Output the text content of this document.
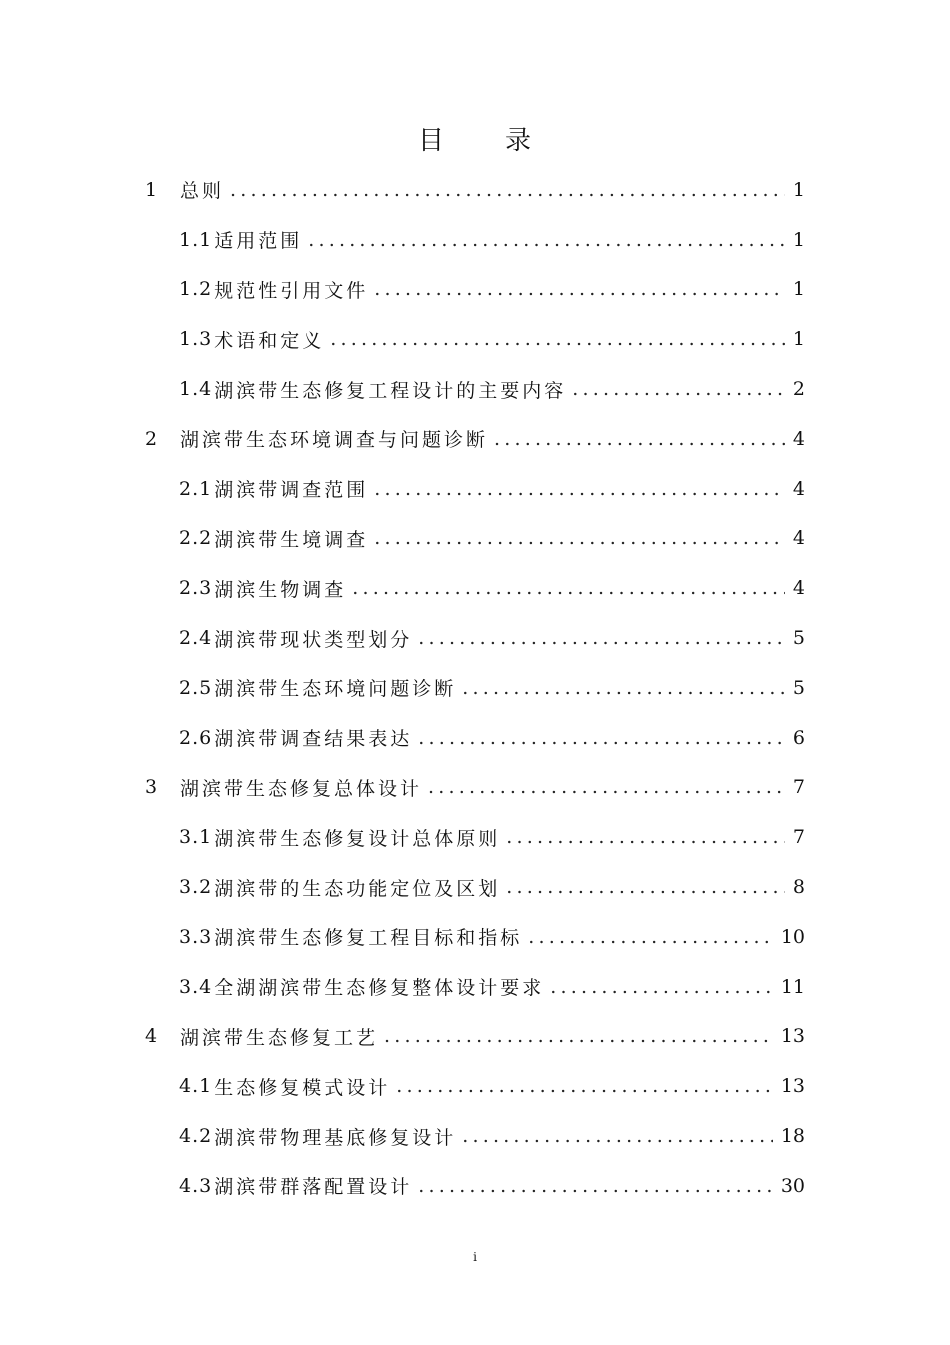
目 录
1	总则 .....	1
1.1 适用范围 .....	1
1.2 规范性引用文件 .....	1
1.3 术语和定义 .....	1
1.4 湖滨带生态修复工程设计的主要内容 .....	2
2	湖滨带生态环境调查与问题诊断 .....	4
2.1 湖滨带调查范围 .....	4
2.2 湖滨带生境调查 .....	4
2.3 湖滨生物调查 .....	4
2.4 湖滨带现状类型划分 .....	5
2.5 湖滨带生态环境问题诊断 .....	5
2.6 湖滨带调查结果表达 .....	6
3	湖滨带生态修复总体设计 .....	7
3.1 湖滨带生态修复设计总体原则 .....	7
3.2 湖滨带的生态功能定位及区划 .....	8
3.3 湖滨带生态修复工程目标和指标 .....	10
3.4 全湖湖滨带生态修复整体设计要求 .....	11
4	湖滨带生态修复工艺 .....	13
4.1 生态修复模式设计 .....	13
4.2 湖滨带物理基底修复设计 .....	18
4.3 湖滨带群落配置设计 .....	30
i
